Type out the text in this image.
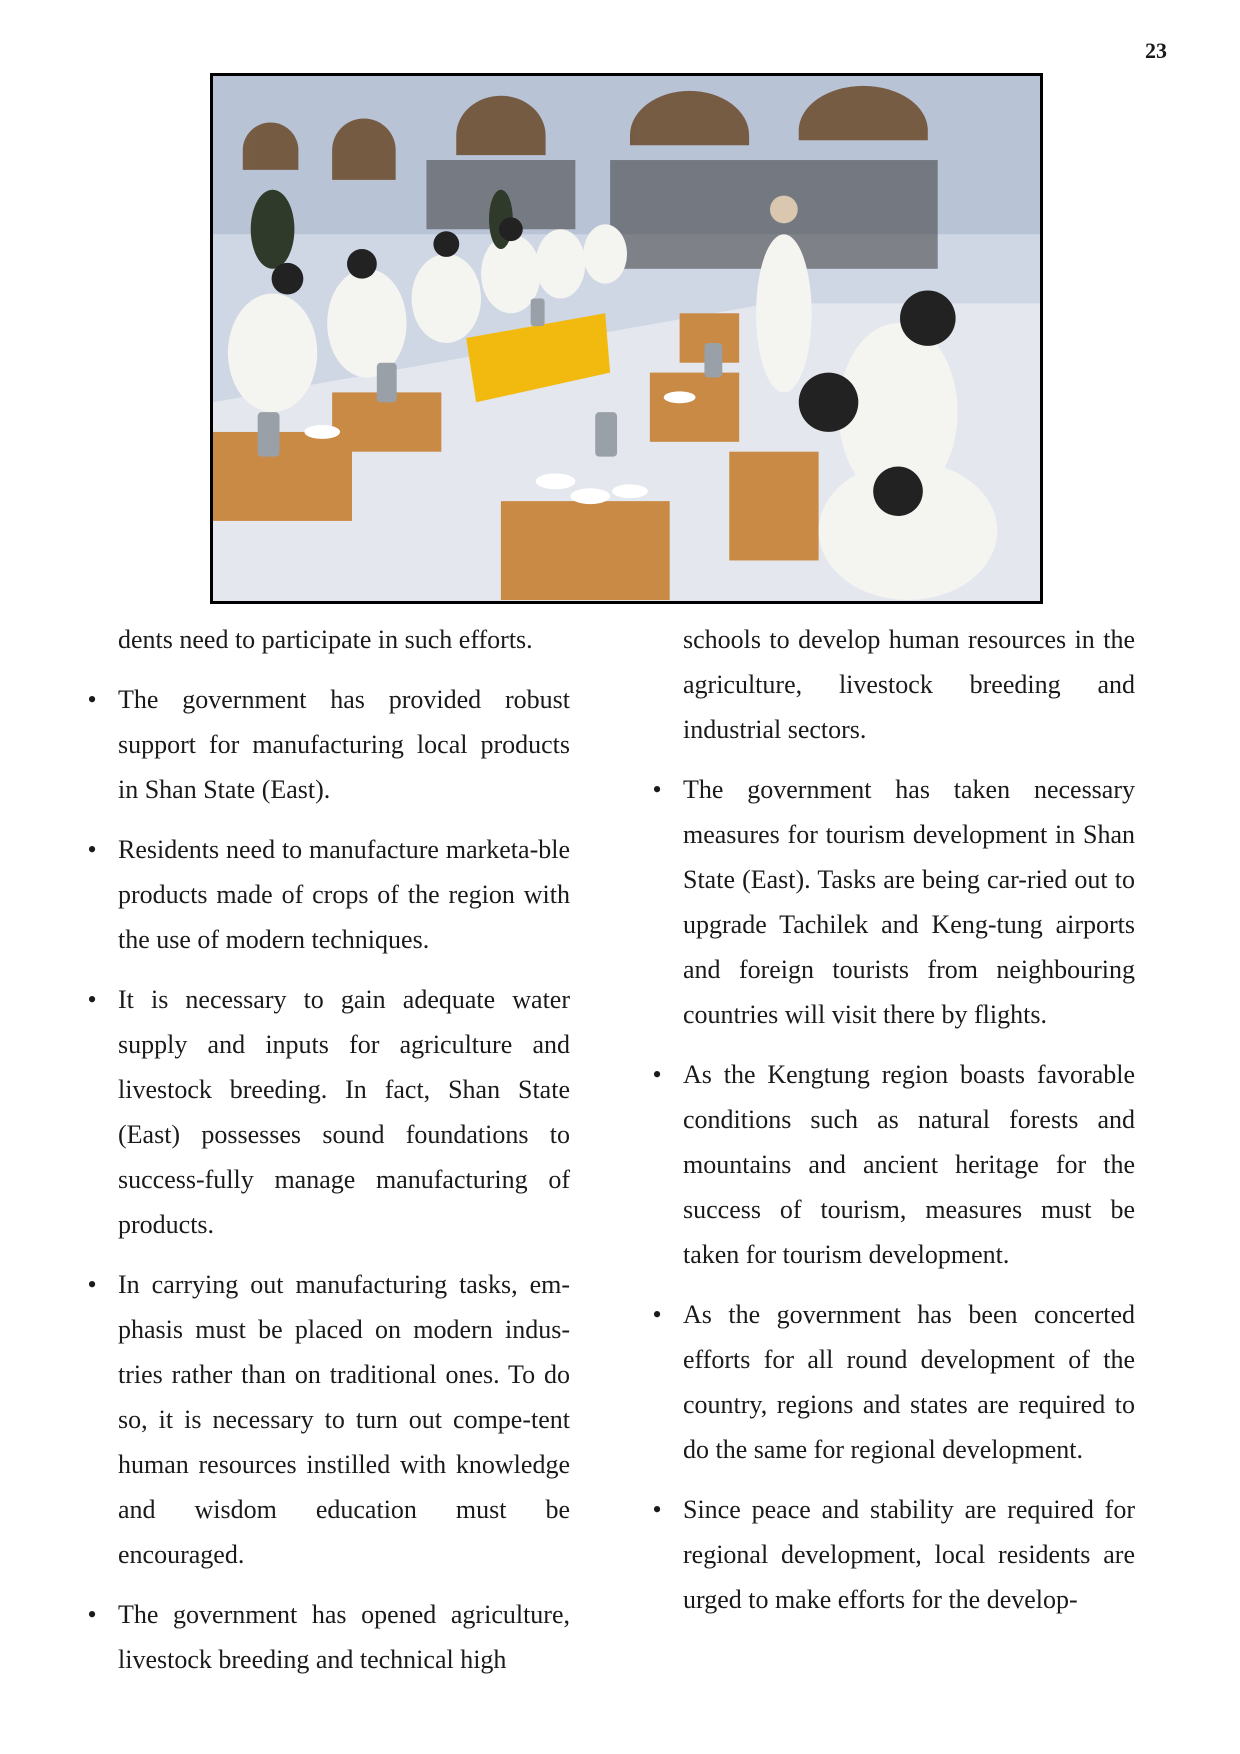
23

dents need to participate in such efforts.

• The government has provided robust support for manufacturing local products in Shan State (East).
• Residents need to manufacture marketa-ble products made of crops of the region with the use of modern techniques.
• It is necessary to gain adequate water supply and inputs for agriculture and livestock breeding. In fact, Shan State (East) possesses sound foundations to success-fully manage manufacturing of products.
• In carrying out manufacturing tasks, em-phasis must be placed on modern indus-tries rather than on traditional ones. To do so, it is necessary to turn out compe-tent human resources instilled with knowledge and wisdom education must be encouraged.
• The government has opened agriculture, livestock breeding and technical high

schools to develop human resources in the agriculture, livestock breeding and industrial sectors.

• The government has taken necessary measures for tourism development in Shan State (East). Tasks are being car-ried out to upgrade Tachilek and Keng-tung airports and foreign tourists from neighbouring countries will visit there by flights.
• As the Kengtung region boasts favorable conditions such as natural forests and mountains and ancient heritage for the success of tourism, measures must be taken for tourism development.
• As the government has been concerted efforts for all round development of the country, regions and states are required to do the same for regional development.
• Since peace and stability are required for regional development, local residents are urged to make efforts for the develop-
